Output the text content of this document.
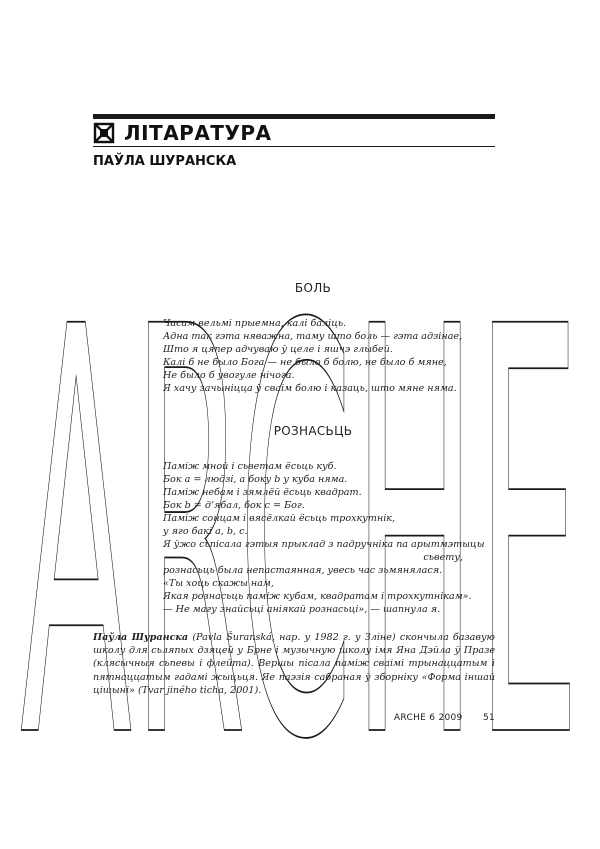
ARCHE
ЛІТАРАТУРА
ПАЎЛА ШУРАНСКА
БОЛЬ
Часам вельмі прыемна, калі баліць.
Адна так гэта няважна, таму што боль — гэта адзінае,
Што я цяпер адчуваю ў целе і яшчэ глыбей.
Калі б не было Бога — не было б болю, не было б мяне,
Не было б увогуле нічога.
Я хачу зачыніцца ў сваім болю і казаць, што мяне няма.
РОЗНАСЬЦЬ
Паміж мной і сьветам ёсьць куб.
Бок a = людзі, а боку b у куба няма.
Паміж небам і зямлёй ёсьць квадрат.
Бок b = д’ябал, бок c = Бог.
Паміж сонцам і вясёлкай ёсьць трохкутнік,
у яго бакі a, b, c.
Я ўжо сьпісала гэтыя прыклад з падручніка па арытмэтыцы
сьвету,
рознасьць была непастаянная, увесь час зьмянялася.
«Ты хоць скажы нам,
Якая рознасьць паміж кубам, квадратам і трохкутнікам».
— Не магу знайсьці аніякай рознасьці», — шапнула я.
Паўла Шуранска (Pavla Šuranská, нар. у 1982 г. у Зліне) скончыла базавую школу для сьляпых дзяцей у Брне і музычную школу імя Яна Дэйла ў Празе (клясычныя сьпевы і флейта). Вершы пісала паміж сваімі трынаццатым і пятнаццатым гадамі жыцьця. Яе паэзія сабраная ў зборніку «Форма іншай цішыні» (Tvar jiného ticha, 2001).
ARCHE 6 2009 51
